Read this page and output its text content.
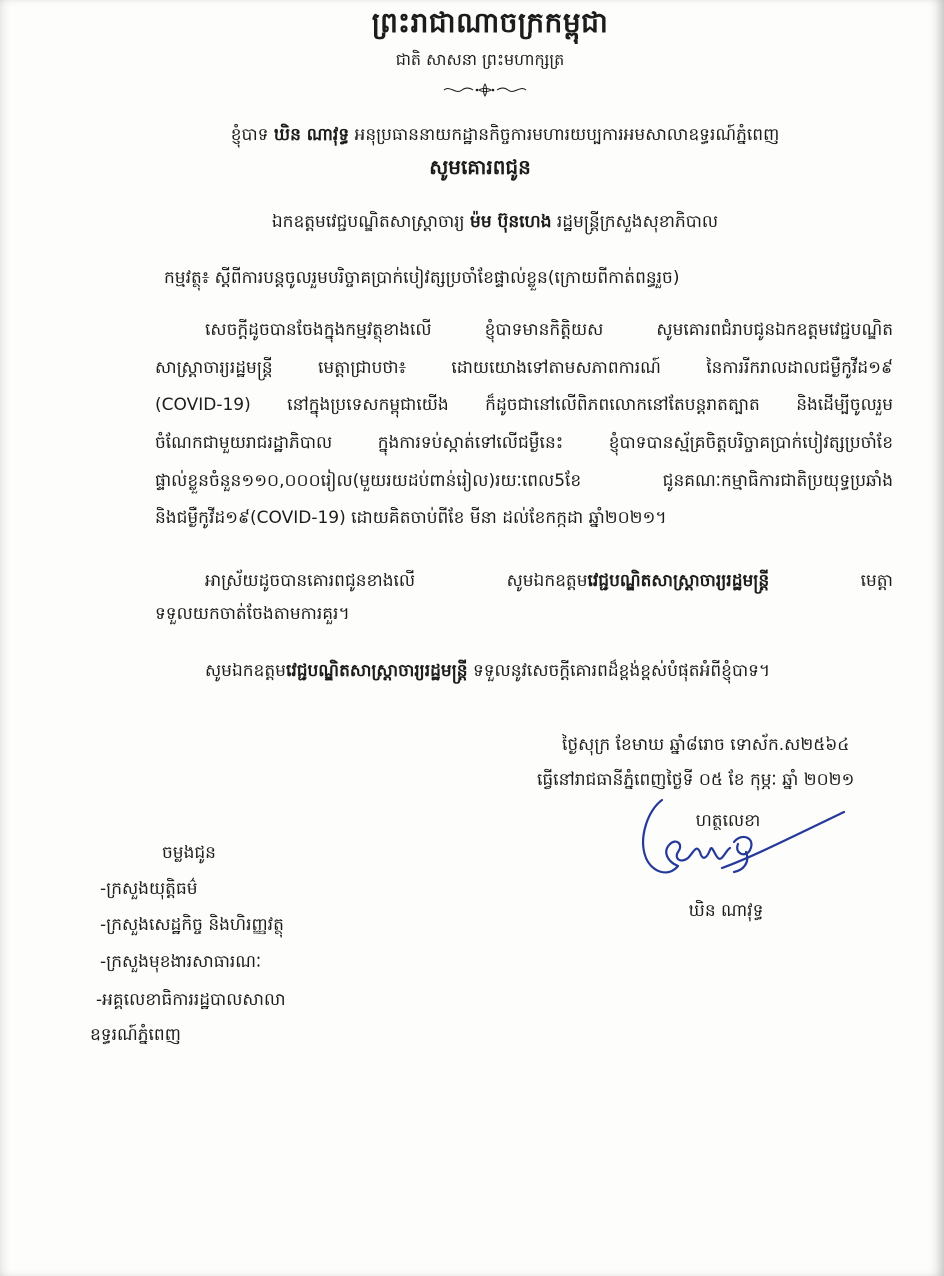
ព្រះរាជាណាចក្រកម្ពុជា
ជាតិ សាសនា ព្រះមហាក្សត្រ
ខ្ញុំបាទ ឃិន ណាវុទ្ធ អនុប្រធាននាយកដ្ឋានកិច្ចការមហារយប្បការអមសាលាឧទ្ធរណ៍ភ្នំពេញ
សូមគោរពជូន
ឯកឧត្តមវេជ្ជបណ្ឌិតសាស្ត្រាចារ្យ ម៉ម ប៊ុនហេង រដ្ឋមន្ត្រីក្រសួងសុខាភិបាល
កម្មវត្ថុ៖ ស្តីពីការបន្តចូលរួមបរិច្ចាគប្រាក់បៀវត្សប្រចាំខែផ្ទាល់ខ្លួន(ក្រោយពីកាត់ពន្ធរួច)
សេចក្តីដូចបានចែងក្នុងកម្មវត្ថុខាងលើ ខ្ញុំបាទមានកិត្តិយស សូមគោរពជំរាបជូនឯកឧត្តមវេជ្ជបណ្ឌិត
សាស្ត្រាចារ្យរដ្ឋមន្ត្រី មេត្តាជ្រាបថា៖ ដោយយោងទៅតាមសភាពការណ៍ នៃការរីករាលដាលជម្ងឺកូវីដ១៩
(COVID-19) នៅក្នុងប្រទេសកម្ពុជាយើង ក៏ដូចជានៅលើពិភពលោកនៅតែបន្តរាតត្បាត និងដើម្បីចូលរួម
ចំណែកជាមួយរាជរដ្ឋាភិបាល ក្នុងការទប់ស្កាត់ទៅលើជម្ងឺនេះ ខ្ញុំបាទបានស្ម័គ្រចិត្តបរិច្ចាគប្រាក់បៀវត្សប្រចាំខែ
ផ្ទាល់ខ្លួនចំនួន១១០,០០០រៀល(មួយរយដប់ពាន់រៀល)រយៈពេល5ខែ ជូនគណៈកម្មាធិការជាតិប្រយុទ្ធប្រឆាំង
និងជម្ងឺកូវីដ១៩(COVID-19) ដោយគិតចាប់ពីខែ មីនា ដល់ខែកក្កដា ឆ្នាំ២០២១។
អាស្រ័យដូចបានគោរពជូនខាងលើ សូមឯកឧត្តមវេជ្ជបណ្ឌិតសាស្ត្រាចារ្យរដ្ឋមន្ត្រី	មេត្តា
ទទួលយកចាត់ចែងតាមការគួរ។
សូមឯកឧត្តមវេជ្ជបណ្ឌិតសាស្ត្រាចារ្យរដ្ឋមន្ត្រី ទទួលនូវសេចក្តីគោរពដ៏ខ្ពង់ខ្ពស់បំផុតអំពីខ្ញុំបាទ។
ថ្ងៃសុក្រ ខែមាឃ ឆ្នាំ៨រោច ទោស័ក.ស២៥៦៤
ធ្វើនៅរាជធានីភ្នំពេញថ្ងៃទី ០៥ ខែ កុម្ភៈ ឆ្នាំ ២០២១
ហត្ថលេខា
ឃិន ណាវុទ្ធ
ចម្លងជូន
-ក្រសួងយុត្តិធម៌
-ក្រសួងសេដ្ឋកិច្ច និងហិរញ្ញវត្ថុ
-ក្រសួងមុខងារសាធារណៈ
-អគ្គលេខាធិការរដ្ឋបាលសាលា
ឧទ្ធរណ៍ភ្នំពេញ
